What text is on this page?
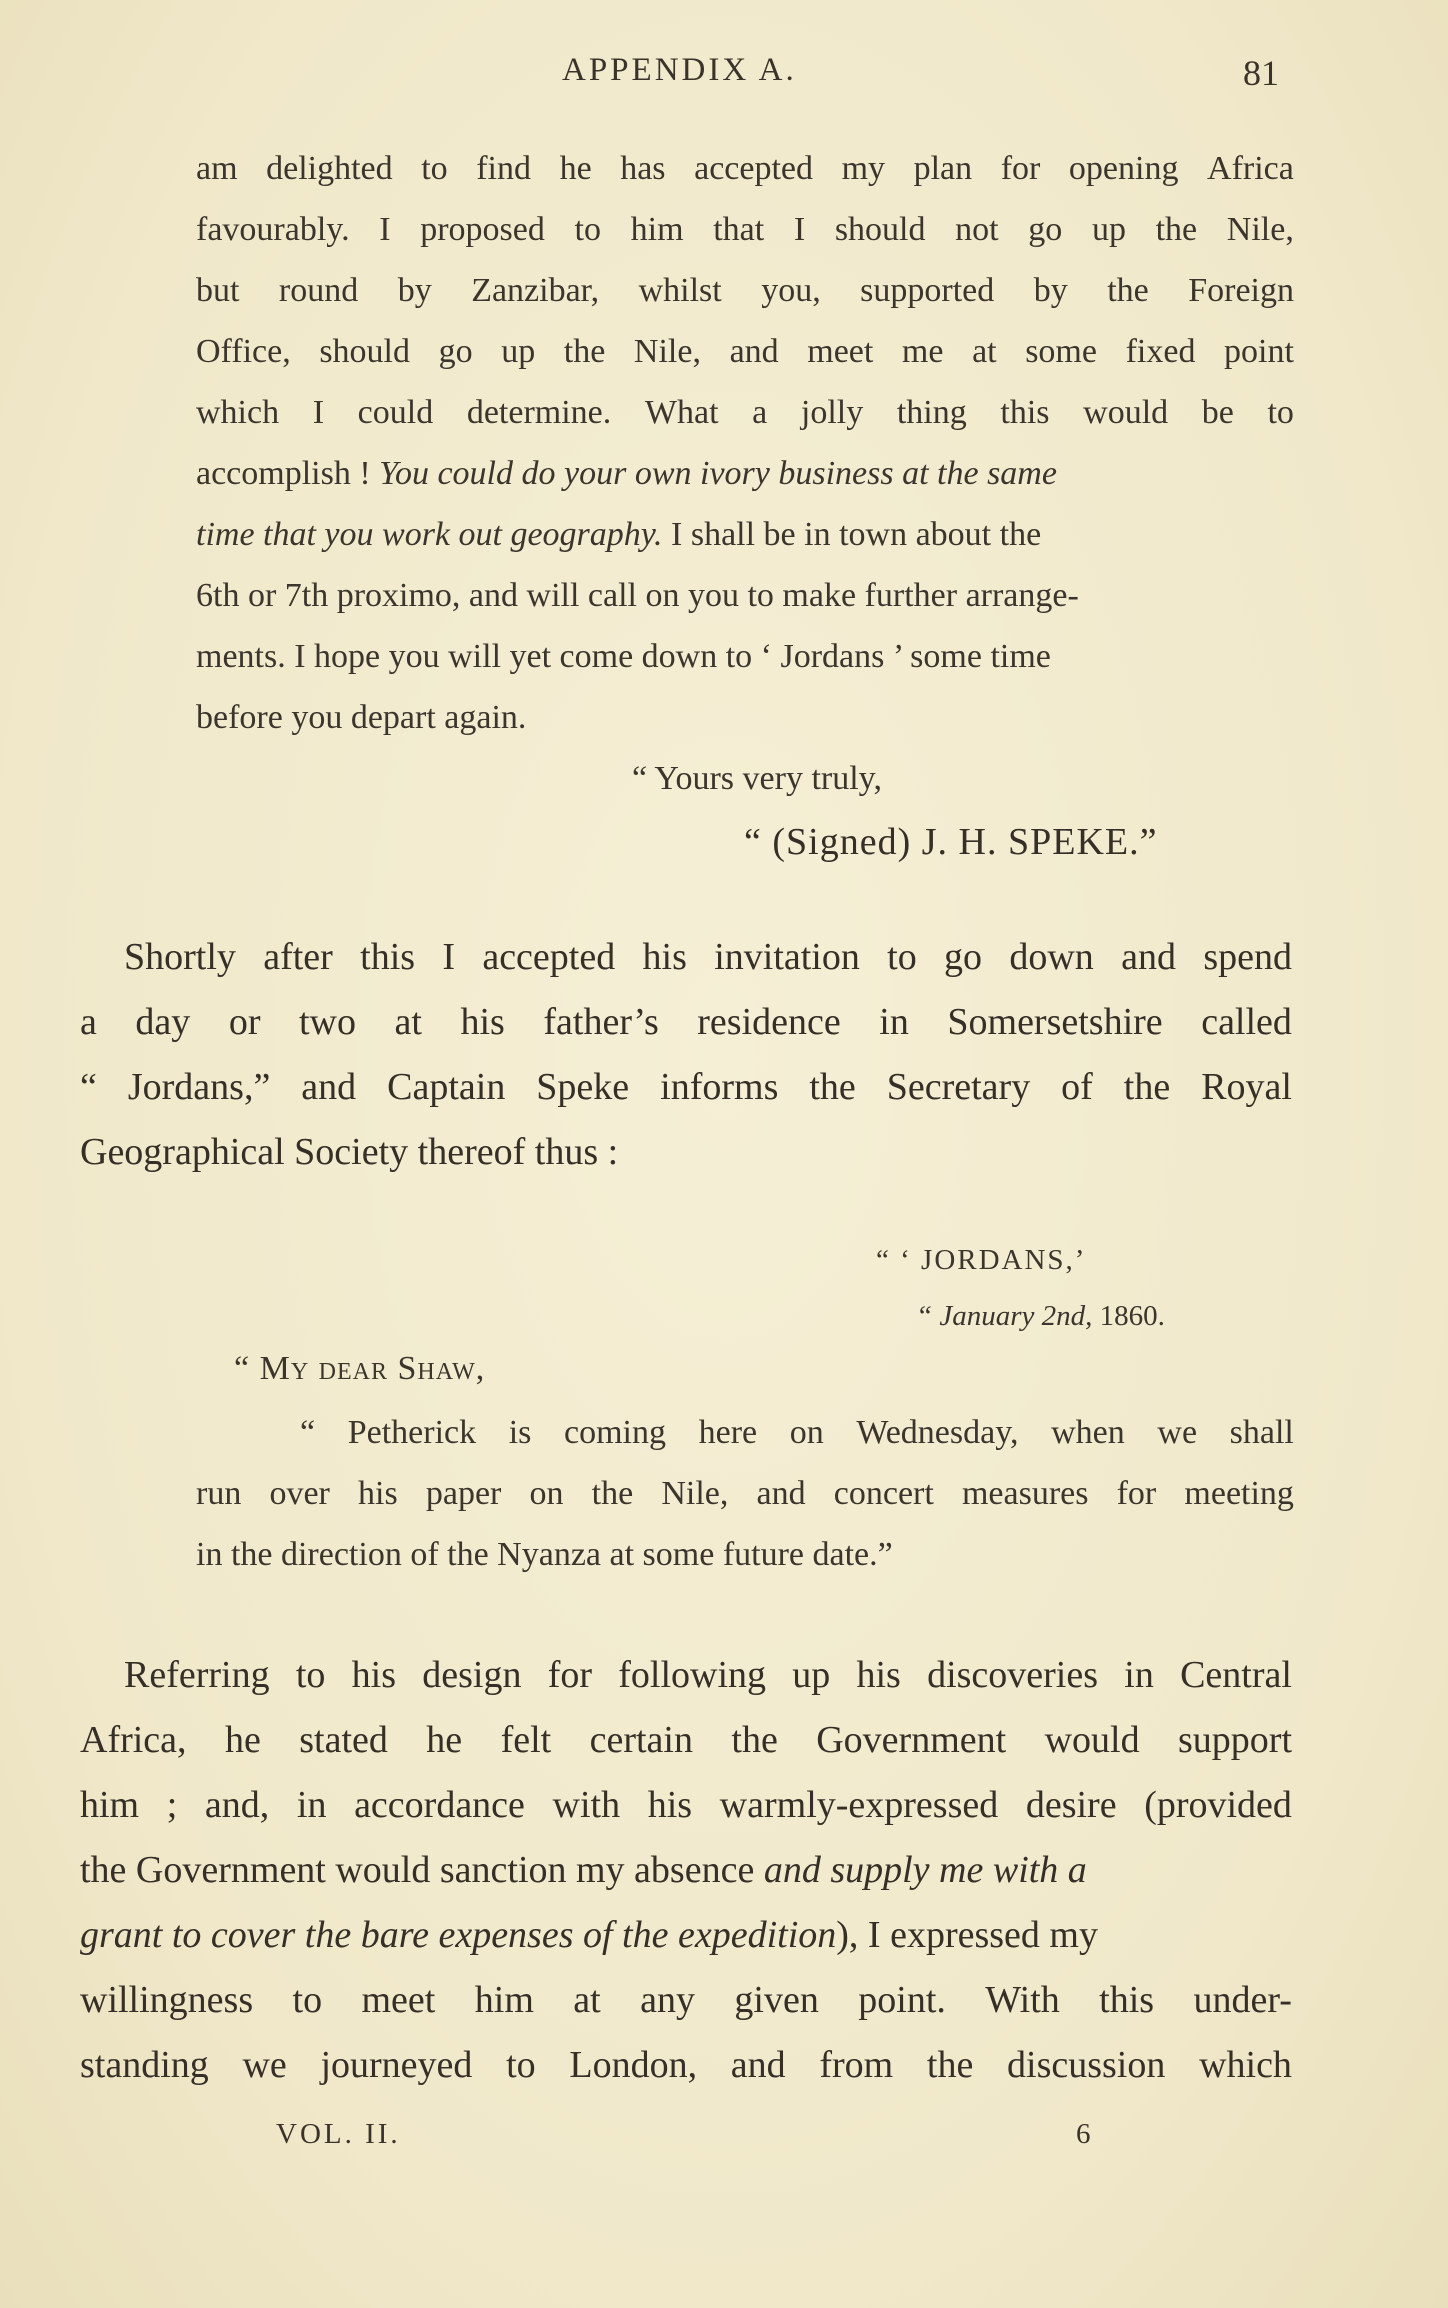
APPENDIX A.	81
am delighted to find he has accepted my plan for opening Africa
favourably. I proposed to him that I should not go up the Nile,
but round by Zanzibar, whilst you, supported by the Foreign
Office, should go up the Nile, and meet me at some fixed point
which I could determine. What a jolly thing this would be to
accomplish ! You could do your own ivory business at the same
time that you work out geography. I shall be in town about the
6th or 7th proximo, and will call on you to make further arrange-
ments. I hope you will yet come down to ‘ Jordans ’ some time
before you depart again.
“ Yours very truly,
“ (Signed) J. H. SPEKE.”
Shortly after this I accepted his invitation to go down and spend
a day or two at his father’s residence in Somersetshire called
“ Jordans,” and Captain Speke informs the Secretary of the Royal
Geographical Society thereof thus :
“ ‘ JORDANS,’
“ January 2nd, 1860.
“ My dear Shaw,
“ Petherick is coming here on Wednesday, when we shall
run over his paper on the Nile, and concert measures for meeting
in the direction of the Nyanza at some future date.”
Referring to his design for following up his discoveries in Central
Africa, he stated he felt certain the Government would support
him ; and, in accordance with his warmly-expressed desire (provided
the Government would sanction my absence and supply me with a
grant to cover the bare expenses of the expedition), I expressed my
willingness to meet him at any given point. With this under-
standing we journeyed to London, and from the discussion which
VOL. II.	6
